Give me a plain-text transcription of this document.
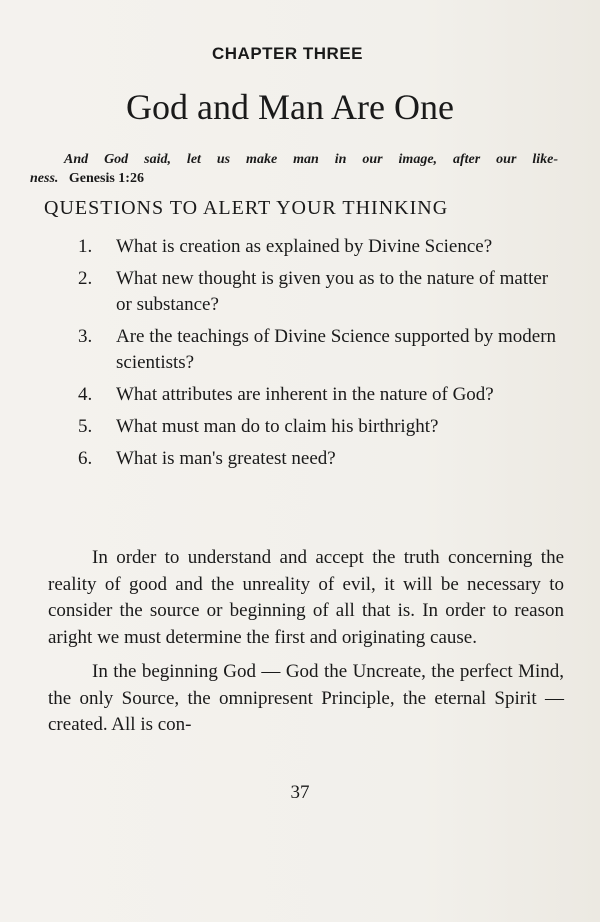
CHAPTER THREE
God and Man Are One
And God said, let us make man in our image, after our like-
ness. Genesis 1:26
QUESTIONS TO ALERT YOUR THINKING
1.	What is creation as explained by Divine Science?
2.	What new thought is given you as to the nature of matter or substance?
3.	Are the teachings of Divine Science supported by modern scientists?
4.	What attributes are inherent in the nature of God?
5.	What must man do to claim his birthright?
6.	What is man's greatest need?

In order to understand and accept the truth concerning the reality of good and the unreality of evil, it will be necessary to consider the source or beginning of all that is. In order to reason aright we must determine the first and originating cause.

In the beginning God — God the Uncreate, the perfect Mind, the only Source, the omnipresent Principle, the eternal Spirit — created. All is con-

37
